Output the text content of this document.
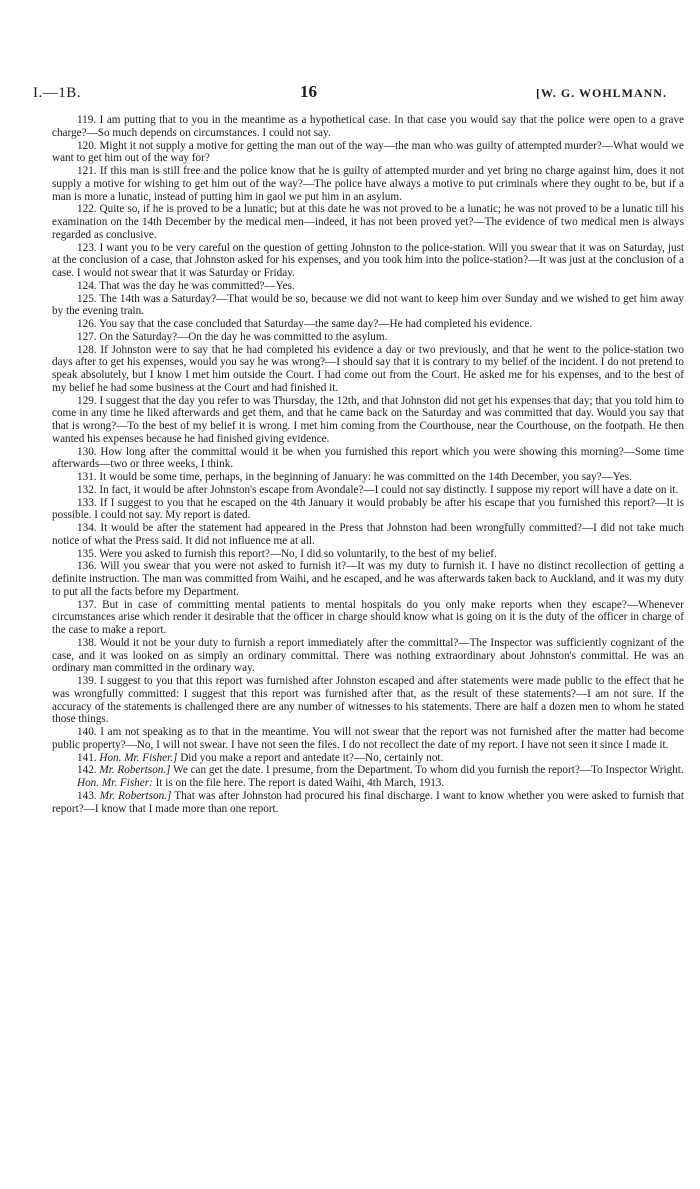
I.—1B.	16	[W. G. WOHLMANN.

119. I am putting that to you in the meantime as a hypothetical case. In that case you would say that the police were open to a grave charge?—So much depends on circumstances. I could not say.

120. Might it not supply a motive for getting the man out of the way—the man who was guilty of attempted murder?—What would we want to get him out of the way for?

121. If this man is still free and the police know that he is guilty of attempted murder and yet bring no charge against him, does it not supply a motive for wishing to get him out of the way?—The police have always a motive to put criminals where they ought to be, but if a man is more a lunatic, instead of putting him in gaol we put him in an asylum.

122. Quite so, if he is proved to be a lunatic; but at this date he was not proved to be a lunatic; he was not proved to be a lunatic till his examination on the 14th December by the medical men—indeed, it has not been proved yet?—The evidence of two medical men is always regarded as conclusive.

123. I want you to be very careful on the question of getting Johnston to the police-station. Will you swear that it was on Saturday, just at the conclusion of a case, that Johnston asked for his expenses, and you took him into the police-station?—It was just at the conclusion of a case. I would not swear that it was Saturday or Friday.

124. That was the day he was committed?—Yes.

125. The 14th was a Saturday?—That would be so, because we did not want to keep him over Sunday and we wished to get him away by the evening train.

126. You say that the case concluded that Saturday—the same day?—He had completed his evidence.

127. On the Saturday?—On the day he was committed to the asylum.

128. If Johnston were to say that he had completed his evidence a day or two previously, and that he went to the police-station two days after to get his expenses, would you say he was wrong?—I should say that it is contrary to my belief of the incident. I do not pretend to speak absolutely, but I know I met him outside the Court. I had come out from the Court. He asked me for his expenses, and to the best of my belief he had some business at the Court and had finished it.

129. I suggest that the day you refer to was Thursday, the 12th, and that Johnston did not get his expenses that day; that you told him to come in any time he liked afterwards and get them, and that he came back on the Saturday and was committed that day. Would you say that that is wrong?—To the best of my belief it is wrong. I met him coming from the Courthouse, near the Courthouse, on the footpath. He then wanted his expenses because he had finished giving evidence.

130. How long after the committal would it be when you furnished this report which you were showing this morning?—Some time afterwards—two or three weeks, I think.

131. It would be some time, perhaps, in the beginning of January: he was committed on the 14th December, you say?—Yes.

132. In fact, it would be after Johnston's escape from Avondale?—I could not say distinctly. I suppose my report will have a date on it.

133. If I suggest to you that he escaped on the 4th January it would probably be after his escape that you furnished this report?—It is possible. I could not say. My report is dated.

134. It would be after the statement had appeared in the Press that Johnston had been wrongfully committed?—I did not take much notice of what the Press said. It did not influence me at all.

135. Were you asked to furnish this report?—No, I did so voluntarily, to the best of my belief.

136. Will you swear that you were not asked to furnish it?—It was my duty to furnish it. I have no distinct recollection of getting a definite instruction. The man was committed from Waihi, and he escaped, and he was afterwards taken back to Auckland, and it was my duty to put all the facts before my Department.

137. But in case of committing mental patients to mental hospitals do you only make reports when they escape?—Whenever circumstances arise which render it desirable that the officer in charge should know what is going on it is the duty of the officer in charge of the case to make a report.

138. Would it not be your duty to furnish a report immediately after the committal?—The Inspector was sufficiently cognizant of the case, and it was looked on as simply an ordinary committal. There was nothing extraordinary about Johnston's committal. He was an ordinary man committed in the ordinary way.

139. I suggest to you that this report was furnished after Johnston escaped and after statements were made public to the effect that he was wrongfully committed: I suggest that this report was furnished after that, as the result of these statements?—I am not sure. If the accuracy of the statements is challenged there are any number of witnesses to his statements. There are half a dozen men to whom he stated those things.

140. I am not speaking as to that in the meantime. You will not swear that the report was not furnished after the matter had become public property?—No, I will not swear. I have not seen the files. I do not recollect the date of my report. I have not seen it since I made it.

141. Hon. Mr. Fisher.] Did you make a report and antedate it?—No, certainly not.

142. Mr. Robertson.] We can get the date. I presume, from the Department. To whom did you furnish the report?—To Inspector Wright.

Hon. Mr. Fisher: It is on the file here. The report is dated Waihi, 4th March, 1913.

143. Mr. Robertson.] That was after Johnston had procured his final discharge. I want to know whether you were asked to furnish that report?—I know that I made more than one report.
